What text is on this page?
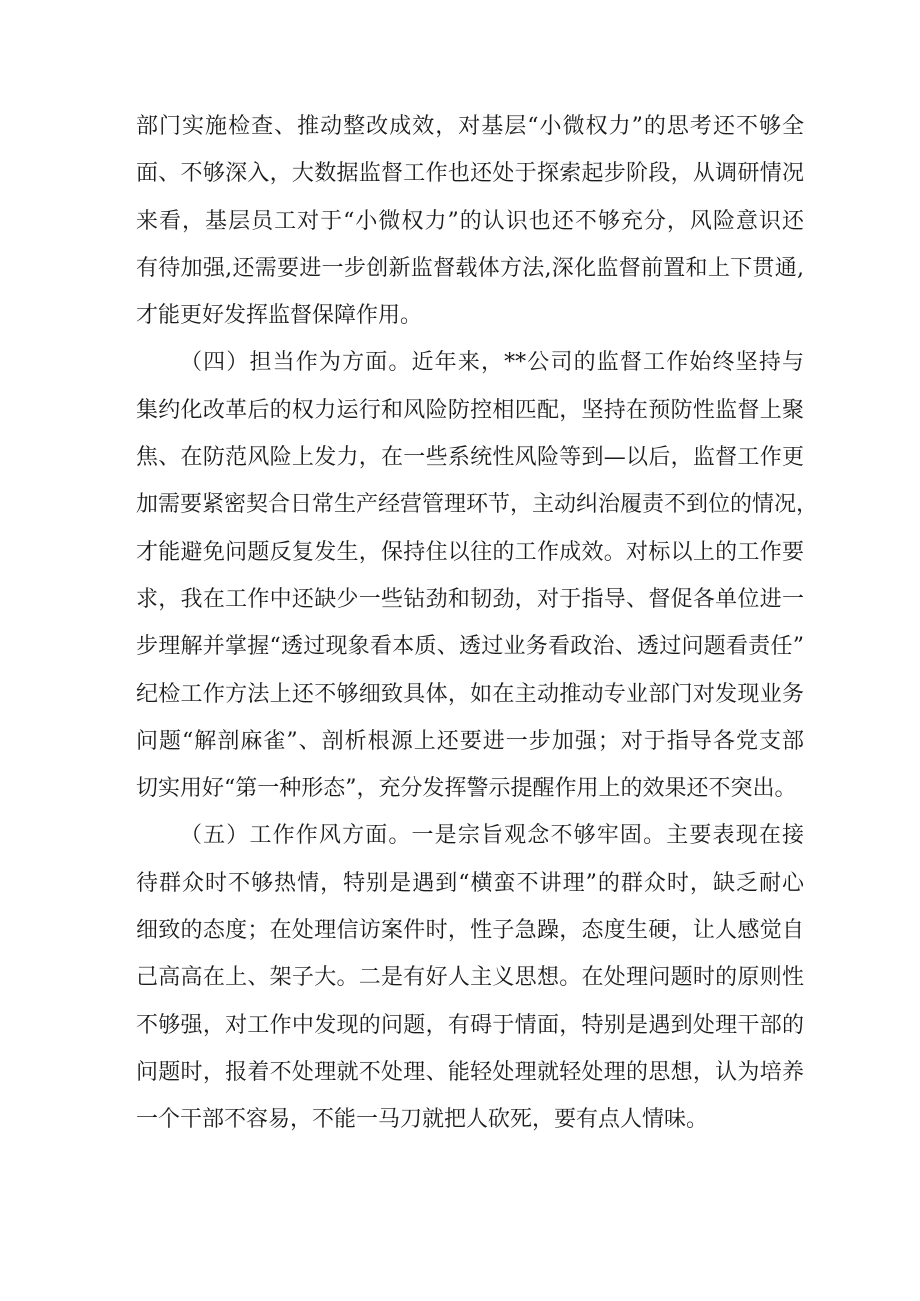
部门实施检查、推动整改成效，对基层“小微权力”的思考还不够全
面、不够深入，大数据监督工作也还处于探索起步阶段，从调研情况
来看，基层员工对于“小微权力”的认识也还不够充分，风险意识还
有待加强,还需要进一步创新监督载体方法,深化监督前置和上下贯通,
才能更好发挥监督保障作用。
（四）担当作为方面。近年来，**公司的监督工作始终坚持与
集约化改革后的权力运行和风险防控相匹配，坚持在预防性监督上聚
焦、在防范风险上发力，在一些系统性风险等到—以后，监督工作更
加需要紧密契合日常生产经营管理环节，主动纠治履责不到位的情况，
才能避免问题反复发生，保持住以往的工作成效。对标以上的工作要
求，我在工作中还缺少一些钻劲和韧劲，对于指导、督促各单位进一
步理解并掌握“透过现象看本质、透过业务看政治、透过问题看责任”
纪检工作方法上还不够细致具体，如在主动推动专业部门对发现业务
问题“解剖麻雀”、剖析根源上还要进一步加强；对于指导各党支部
切实用好“第一种形态”，充分发挥警示提醒作用上的效果还不突出。
（五）工作作风方面。一是宗旨观念不够牢固。主要表现在接
待群众时不够热情，特别是遇到“横蛮不讲理”的群众时，缺乏耐心
细致的态度；在处理信访案件时，性子急躁，态度生硬，让人感觉自
己高高在上、架子大。二是有好人主义思想。在处理问题时的原则性
不够强，对工作中发现的问题，有碍于情面，特别是遇到处理干部的
问题时，报着不处理就不处理、能轻处理就轻处理的思想，认为培养
一个干部不容易，不能一马刀就把人砍死，要有点人情味。
